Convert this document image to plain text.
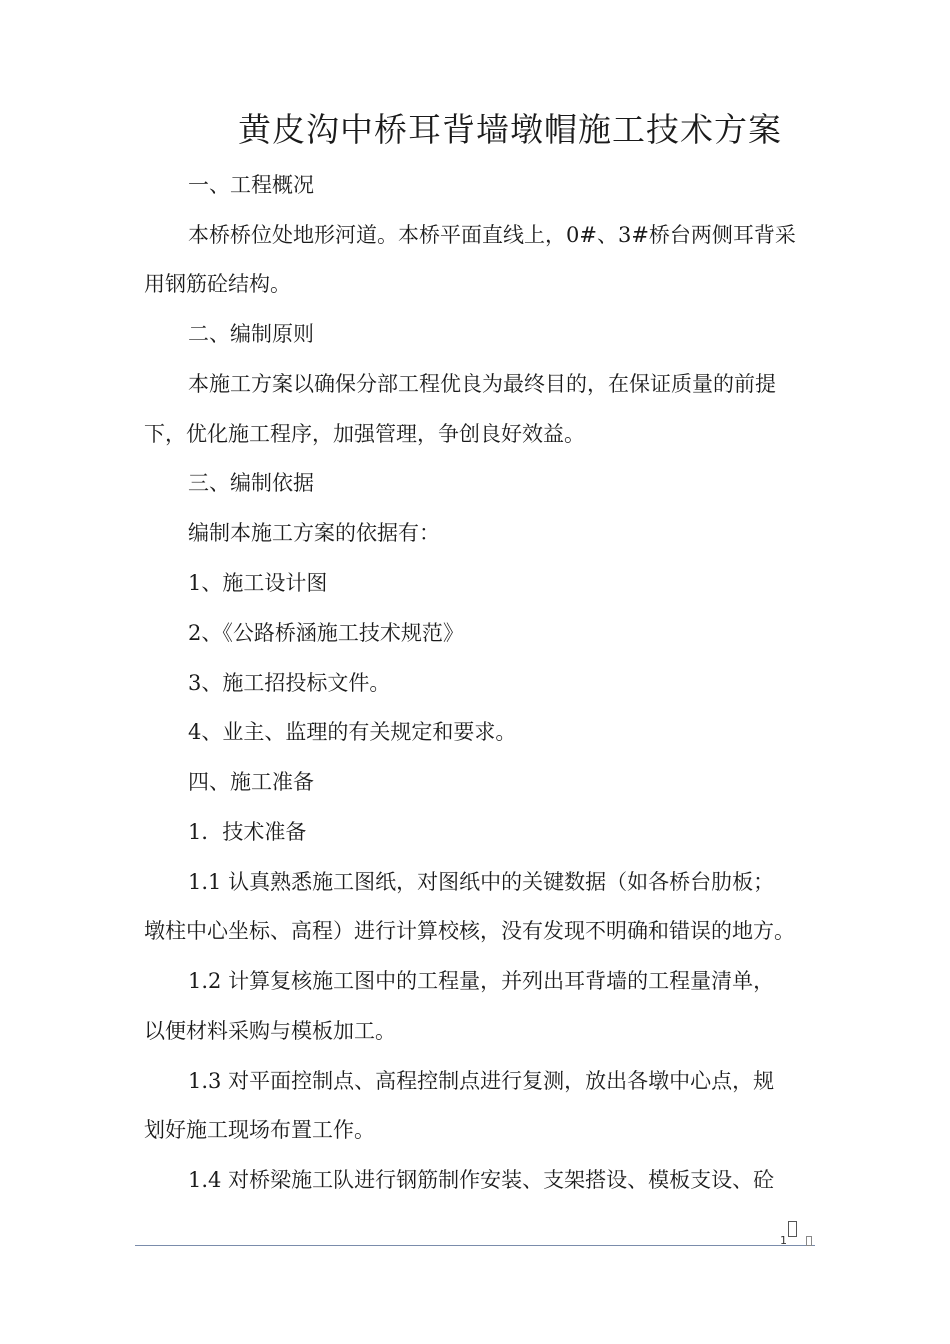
黄皮沟中桥耳背墙墩帽施工技术方案
一、工程概况
本桥桥位处地形河道。本桥平面直线上，0#、3#桥台两侧耳背采
用钢筋砼结构。
二、编制原则
本施工方案以确保分部工程优良为最终目的，在保证质量的前提
下，优化施工程序，加强管理，争创良好效益。
三、编制依据
编制本施工方案的依据有：
1、施工设计图
2、《公路桥涵施工技术规范》
3、施工招投标文件。
4、业主、监理的有关规定和要求。
四、施工准备
1．技术准备
1.1 认真熟悉施工图纸，对图纸中的关键数据（如各桥台肋板；
墩柱中心坐标、高程）进行计算校核，没有发现不明确和错误的地方。
1.2 计算复核施工图中的工程量，并列出耳背墙的工程量清单，
以便材料采购与模板加工。
1.3 对平面控制点、高程控制点进行复测，放出各墩中心点，规
划好施工现场布置工作。
1.4 对桥梁施工队进行钢筋制作安装、支架搭设、模板支设、砼
1
